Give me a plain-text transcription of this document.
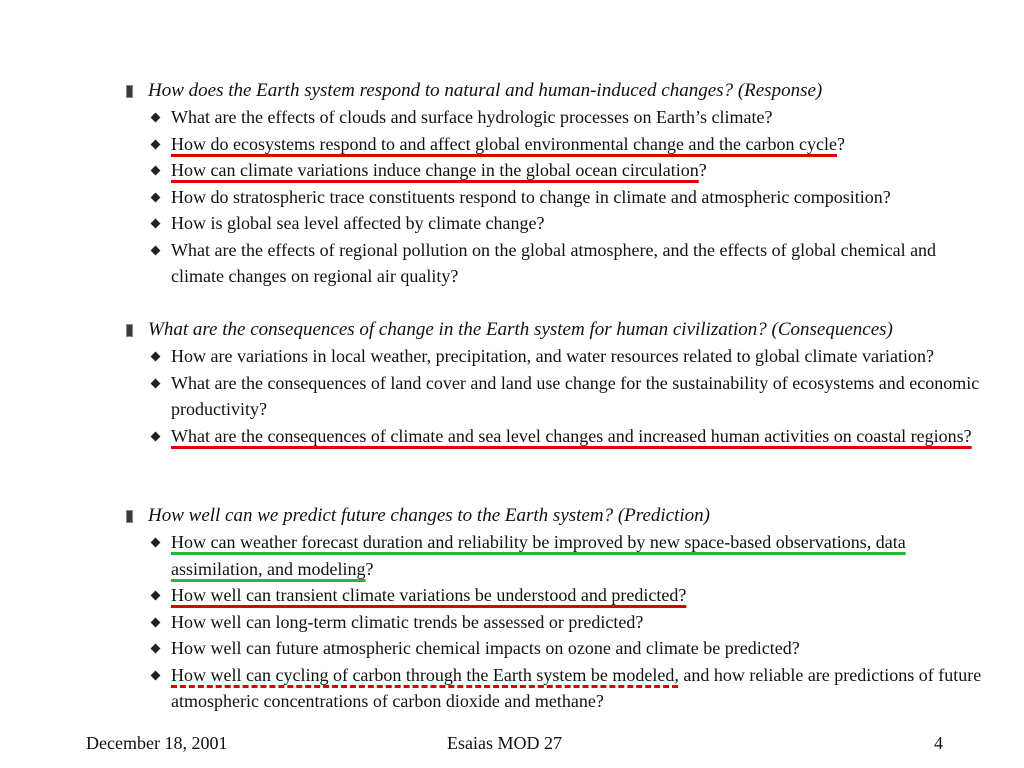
How does the Earth system respond to natural and human-induced changes? (Response)
What are the effects of clouds and surface hydrologic processes on Earth’s climate?
How do ecosystems respond to and affect global environmental change and the carbon cycle?
How can climate variations induce change in the global ocean circulation?
How do stratospheric trace constituents respond to change in climate and atmospheric composition?
How is global sea level affected by climate change?
What are the effects of regional pollution on the global atmosphere, and the effects of global chemical and climate changes on regional air quality?
What are the consequences of change in the Earth system for human civilization? (Consequences)
How are variations in local weather, precipitation, and water resources related to global climate variation?
What are the consequences of land cover and land use change for the sustainability of ecosystems and economic productivity?
What are the consequences of climate and sea level changes and increased human activities on coastal regions?
How well can we predict future changes to the Earth system? (Prediction)
How can weather forecast duration and reliability be improved by new space-based observations, data assimilation, and modeling?
How well can transient climate variations be understood and predicted?
How well can long-term climatic trends be assessed or predicted?
How well can future atmospheric chemical impacts on ozone and climate be predicted?
How well can cycling of carbon through the Earth system be modeled, and how reliable are predictions of future atmospheric concentrations of carbon dioxide and methane?
December 18, 2001	Esaias MOD 27	4
